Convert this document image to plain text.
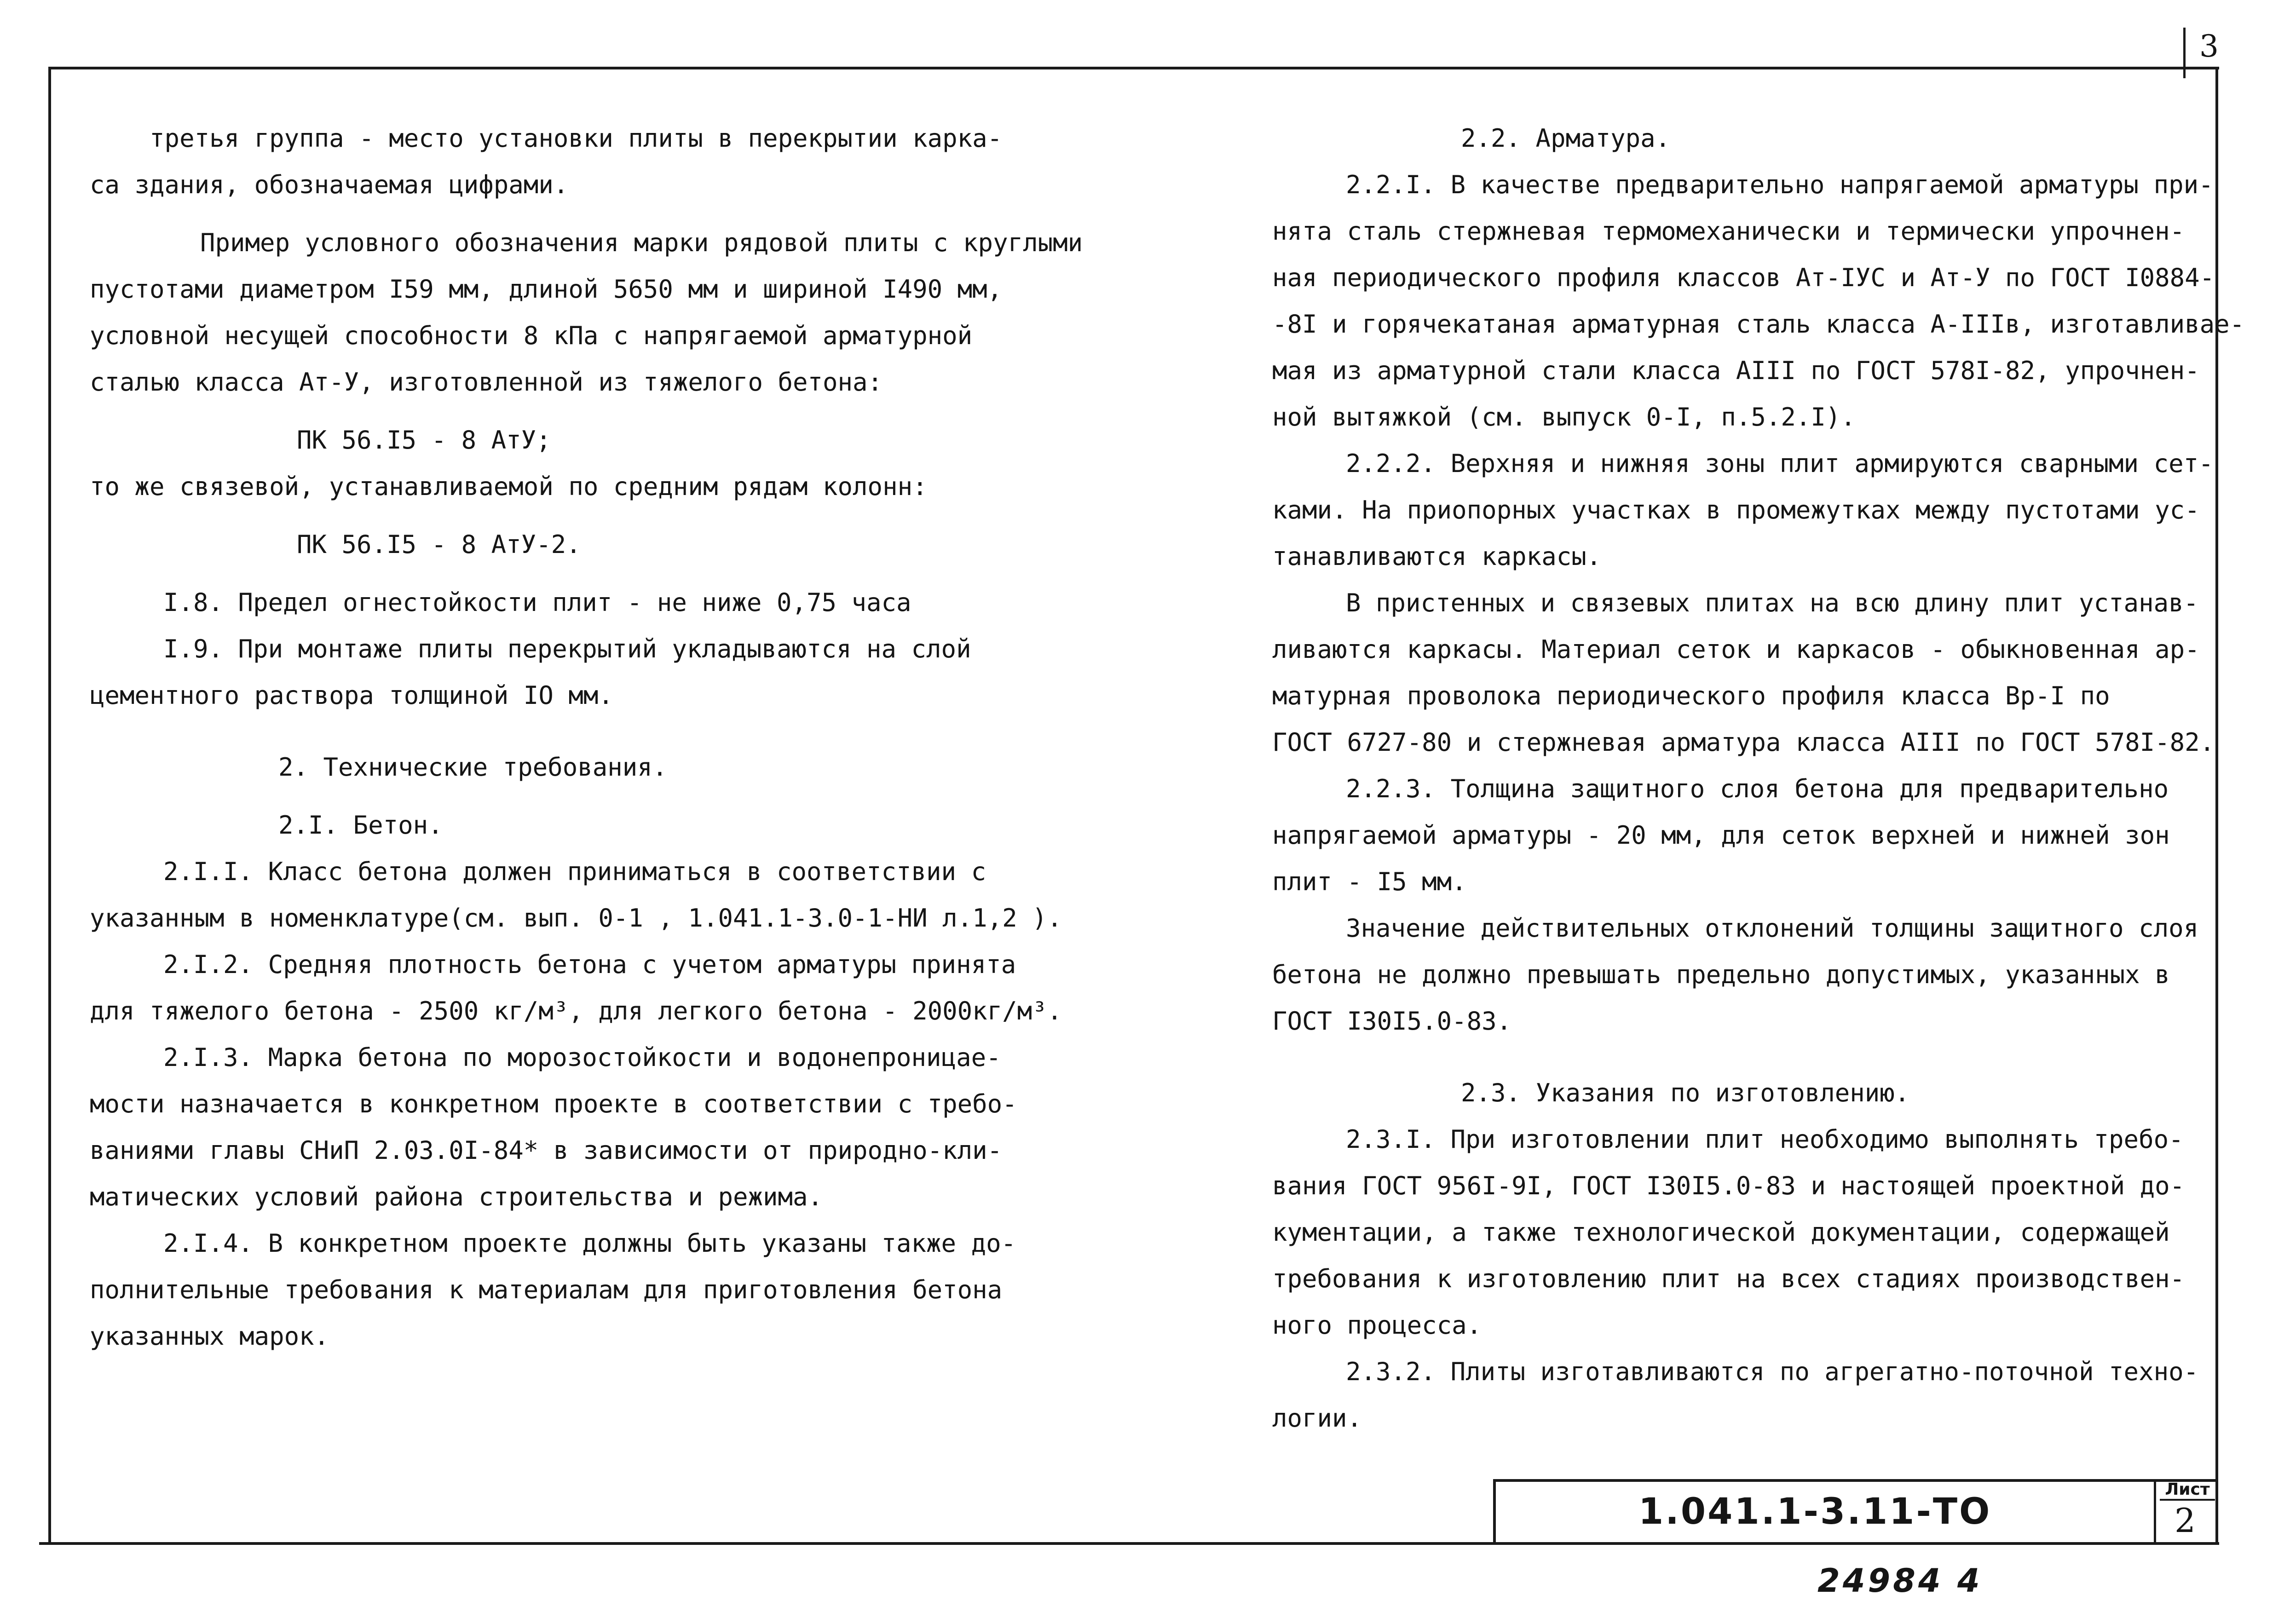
3
третья группа - место установки плиты в перекрытии карка-
са здания, обозначаемая цифрами.
Пример условного обозначения марки рядовой плиты с круглыми
пустотами диаметром I59 мм, длиной 5650 мм и шириной I490 мм,
условной несущей способности 8 кПа с напрягаемой арматурной
сталью класса Ат-У, изготовленной из тяжелого бетона:
ПК 56.I5 - 8 АтУ;
то же связевой, устанавливаемой по средним рядам колонн:
ПК 56.I5 - 8 АтУ-2.
I.8. Предел огнестойкости плит - не ниже 0,75 часа
I.9. При монтаже плиты перекрытий укладываются на слой
цементного раствора толщиной IO мм.
2. Технические требования.
2.I. Бетон.
2.I.I. Класс бетона должен приниматься в соответствии с
указанным в номенклатуре(см. вып. 0-1 , 1.041.1-3.0-1-НИ л.1,2 ).
2.I.2. Средняя плотность бетона с учетом арматуры принята
для тяжелого бетона - 2500 кг/м³, для легкого бетона - 2000кг/м³.
2.I.3. Марка бетона по морозостойкости и водонепроницае-
мости назначается в конкретном проекте в соответствии с требо-
ваниями главы СНиП 2.03.0I-84* в зависимости от природно-кли-
матических условий района строительства и режима.
2.I.4. В конкретном проекте должны быть указаны также до-
полнительные требования к материалам для приготовления бетона
указанных марок.
2.2. Арматура.
2.2.I. В качестве предварительно напрягаемой арматуры при-
нята сталь стержневая термомеханически и термически упрочнен-
ная периодического профиля классов Ат-IУС и Ат-У по ГОСТ I0884-
-8I и горячекатаная арматурная сталь класса А-IIIв, изготавливае-
мая из арматурной стали класса АIII по ГОСТ 578I-82, упрочнен-
ной вытяжкой (см. выпуск 0-I, п.5.2.I).
2.2.2. Верхняя и нижняя зоны плит армируются сварными сет-
ками. На приопорных участках в промежутках между пустотами ус-
танавливаются каркасы.
В пристенных и связевых плитах на всю длину плит устанав-
ливаются каркасы. Материал сеток и каркасов - обыкновенная ар-
матурная проволока периодического профиля класса Вр-I по
ГОСТ 6727-80 и стержневая арматура класса АIII по ГОСТ 578I-82.
2.2.3. Толщина защитного слоя бетона для предварительно
напрягаемой арматуры - 20 мм, для сеток верхней и нижней зон
плит - I5 мм.
Значение действительных отклонений толщины защитного слоя
бетона не должно превышать предельно допустимых, указанных в
ГОСТ I30I5.0-83.
2.3. Указания по изготовлению.
2.3.I. При изготовлении плит необходимо выполнять требо-
вания ГОСТ 956I-9I, ГОСТ I30I5.0-83 и настоящей проектной до-
кументации, а также технологической документации, содержащей
требования к изготовлению плит на всех стадиях производствен-
ного процесса.
2.3.2. Плиты изготавливаются по агрегатно-поточной техно-
логии.
1.041.1-3.11-ТО
Лист
2
24984 4
